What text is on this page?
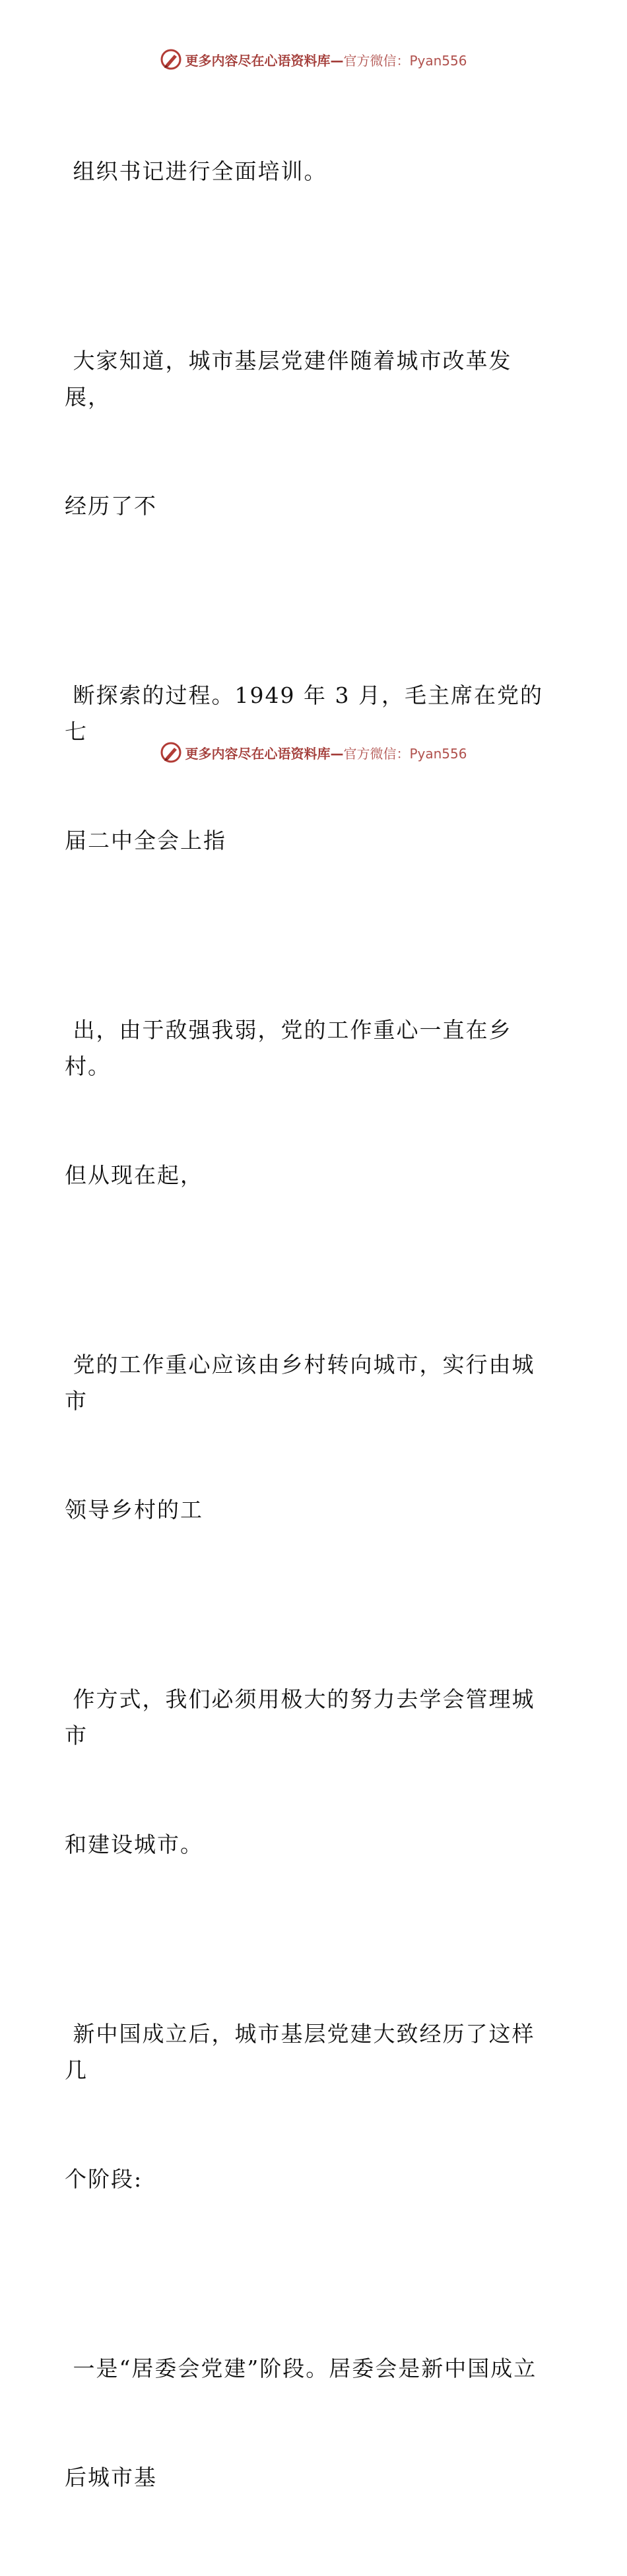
更多内容尽在心语资料库—官方微信：Pyan556

组织书记进行全面培训。

大家知道，城市基层党建伴随着城市改革发展，

经历了不

断探索的过程。1949 年 3 月，毛主席在党的七

届二中全会上指

出，由于敌强我弱，党的工作重心一直在乡村。

但从现在起，

党的工作重心应该由乡村转向城市，实行由城市

领导乡村的工

作方式，我们必须用极大的努力去学会管理城市

和建设城市。

新中国成立后，城市基层党建大致经历了这样几

个阶段:

一是“居委会党建”阶段。居委会是新中国成立

后城市基

更多内容尽在心语资料库—官方微信：Pyan556
